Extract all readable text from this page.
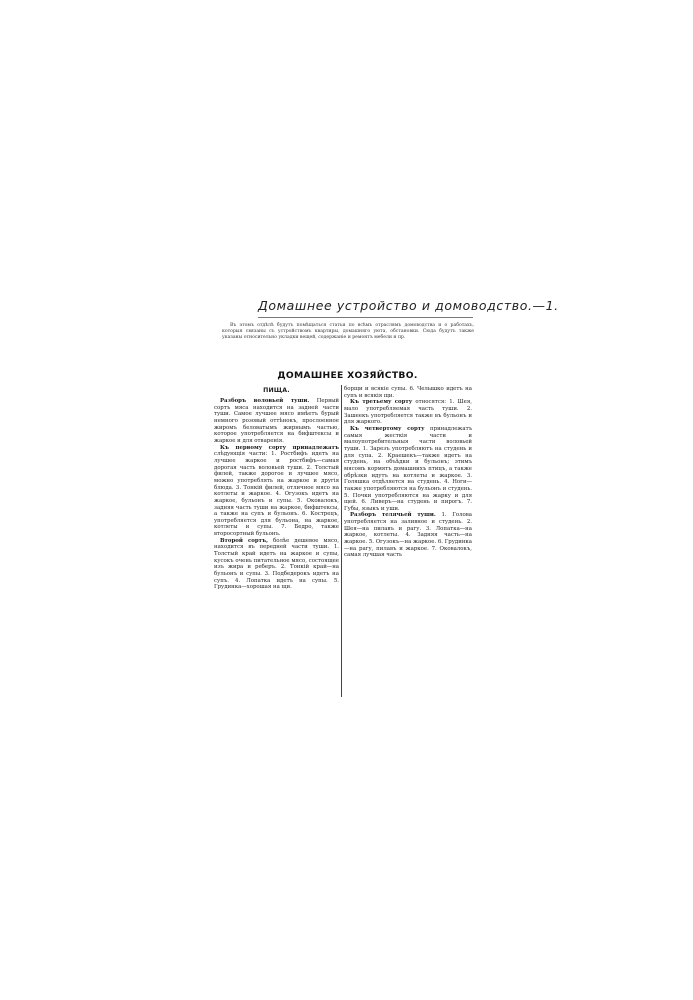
Домашнее устройство и домоводство.—1.
Въ этомъ отдѣлѣ будутъ помѣщаться статьи по всѣмъ отраслямъ домоводства и о работахъ, которыя связаны съ устройствомъ квартиры, домашняго уюта, обстановки. Сюда будутъ также указаны относительно укладки вещей, содержаніе и ремонтъ мебели и пр.
ДОМАШНЕЕ ХОЗЯЙСТВО.
ПИЩА.

Разборъ воловьей туши. Первый сортъ мяса находится на задней части туши. Самое лучшее мясо имѣетъ бурый немного розовый оттѣнокъ, прослоенное жиромъ беловатымъ жирнымъ частью, которое употребляется на бифштексы и жаркое и для отваренія.

Къ первому сорту принадлежатъ слѣдующія части: 1. Ростбифъ идетъ на лучшее жаркое и ростбифъ—самая дорогая часть воловьей туши. 2. Толстый филей, также дорогое и лучшее мясо, можно употреблять на жаркое и другія блюда. 3. Тонкій филей, отличное мясо на котлеты и жаркое. 4. Огузокъ идетъ на жаркое, бульонъ и супы. 5. Оковалокъ, задняя часть туши на жаркое, бифштексы, а также на супъ и бульонъ. 6. Кострецъ, употребляется для бульона, на жаркое, котлеты и супы. 7. Бедро, также второсортный бульонъ.

Второй сортъ, болѣе дешевое мясо, находится въ передней части туши. 1. Толстый край идетъ на жаркое и супы, кусокъ очень питательное мясо, состоящее изъ жира и реберъ. 2. Тонкій край—на бульонъ и супы. 3. Подбедерокъ идетъ на супъ. 4. Лопатка идетъ на супы. 5. Грудинка—хорошая на щи.

борщи и всякіе супы. 6. Челышко идетъ на супъ и всякія щи.

Къ третьему сорту относятся: 1. Шея, мало употребляемая часть туши. 2. Зашеекъ употребляется также въ бульонъ и для жаркого.

Къ четвертому сорту принадлежатъ самыя жесткія части и малоупотребительныя части воловьей туши. 1. Зарезъ употребляютъ на студень и для супа. 2. Краешекъ—также идетъ на студень, на объѣдки и бульонъ; этимъ мясомъ кормятъ домашнихъ птицъ, а также обрѣзки идутъ на котлеты и жаркое. 3. Голяшка отдѣляется на студень. 4. Ноги—также употребляются на бульонъ и студень. 5. Почки употребляются на жарку и для щей. 6. Ливеръ—на студень и пирогъ. 7. Губы, языкъ и уши.

Разборъ телячьей туши. 1. Голова употребляется на заливное и студень. 2. Шея—на пилавъ и рагу. 3. Лопатка—на жаркое, котлеты. 4. Задняя часть—на жаркое. 5. Огузокъ—на жаркое. 6. Грудинка—на рагу, пилавъ и жаркое. 7. Оковалокъ, самая лучшая часть
